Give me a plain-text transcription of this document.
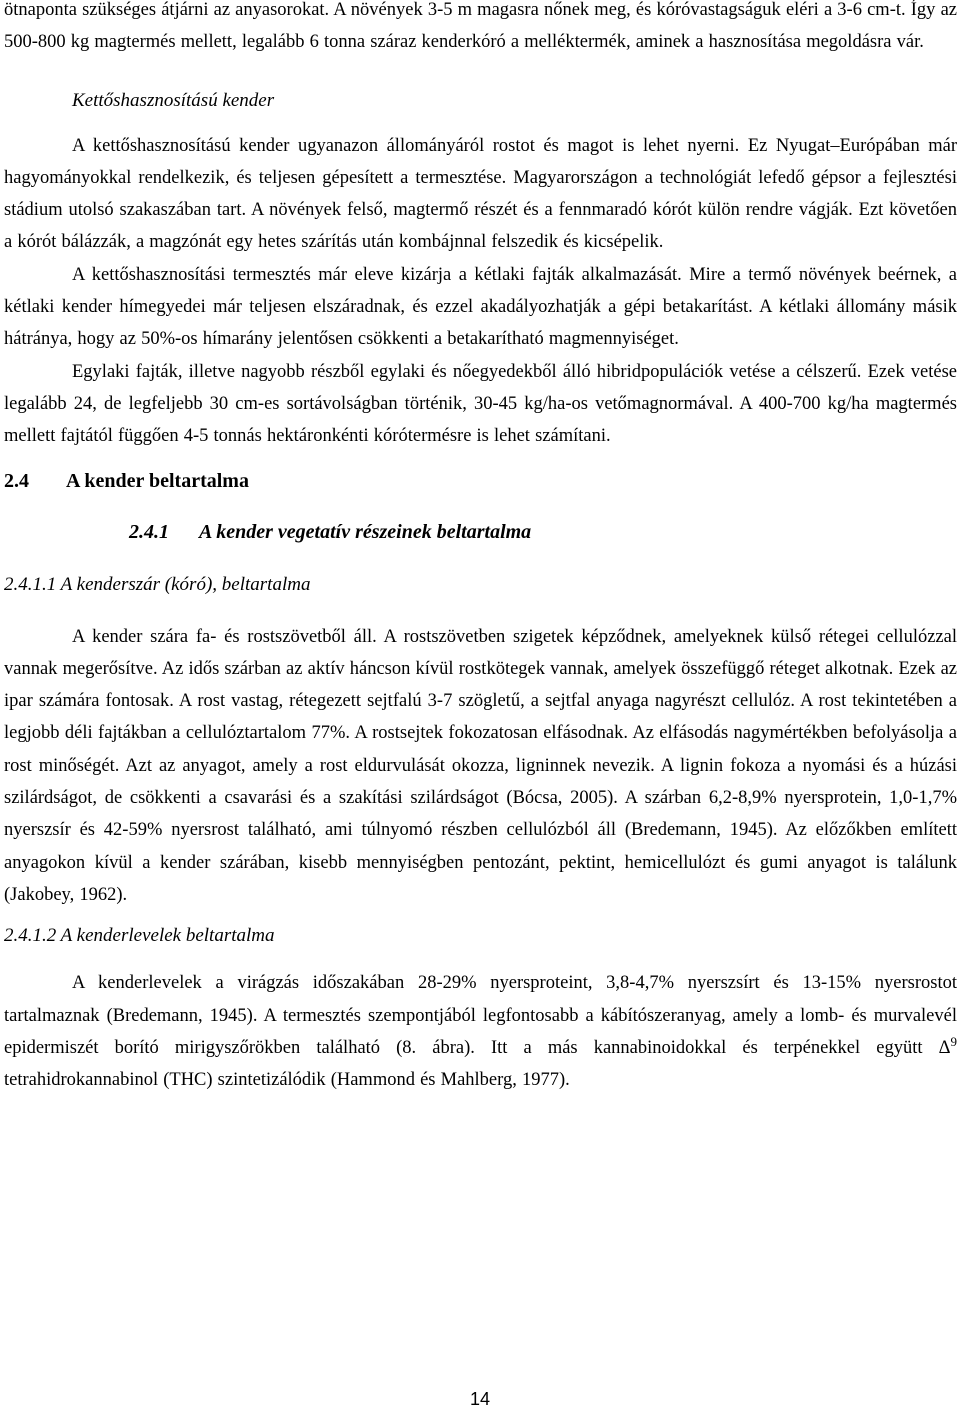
ötnaponta szükséges átjárni az anyasorokat. A növények 3-5 m magasra nőnek meg, és kóróvastagságuk eléri a 3-6 cm-t. Így az 500-800 kg magtermés mellett, legalább 6 tonna száraz kenderkóró a melléktermék, aminek a hasznosítása megoldásra vár.

Kettőshasznosítású kender

A kettőshasznosítású kender ugyanazon állományáról rostot és magot is lehet nyerni. Ez Nyugat–Európában már hagyományokkal rendelkezik, és teljesen gépesített a termesztése. Magyarországon a technológiát lefedő gépsor a fejlesztési stádium utolsó szakaszában tart. A növények felső, magtermő részét és a fennmaradó kórót külön rendre vágják. Ezt követően a kórót bálázzák, a magzónát egy hetes szárítás után kombájnnal felszedik és kicsépelik.

A kettőshasznosítási termesztés már eleve kizárja a kétlaki fajták alkalmazását. Mire a termő növények beérnek, a kétlaki kender hímegyedei már teljesen elszáradnak, és ezzel akadályozhatják a gépi betakarítást. A kétlaki állomány másik hátránya, hogy az 50%-os hímarány jelentősen csökkenti a betakarítható magmennyiséget.

Egylaki fajták, illetve nagyobb részből egylaki és nőegyedekből álló hibridpopulációk vetése a célszerű. Ezek vetése legalább 24, de legfeljebb 30 cm-es sortávolságban történik, 30-45 kg/ha-os vetőmagnormával. A 400-700 kg/ha magtermés mellett fajtától függően 4-5 tonnás hektáronkénti kórótermésre is lehet számítani.

2.4 A kender beltartalma
2.4.1 A kender vegetatív részeinek beltartalma
2.4.1.1 A kenderszár (kóró), beltartalma

A kender szára fa- és rostszövetből áll. A rostszövetben szigetek képződnek, amelyeknek külső rétegei cellulózzal vannak megerősítve. Az idős szárban az aktív háncson kívül rostkötegek vannak, amelyek összefüggő réteget alkotnak. Ezek az ipar számára fontosak. A rost vastag, rétegezett sejtfalú 3-7 szögletű, a sejtfal anyaga nagyrészt cellulóz. A rost tekintetében a legjobb déli fajtákban a cellulóztartalom 77%. A rostsejtek fokozatosan elfásodnak. Az elfásodás nagymértékben befolyásolja a rost minőségét. Azt az anyagot, amely a rost eldurvulását okozza, ligninnek nevezik. A lignin fokoza a nyomási és a húzási szilárdságot, de csökkenti a csavarási és a szakítási szilárdságot (Bócsa, 2005). A szárban 6,2-8,9% nyersprotein, 1,0-1,7% nyerszsír és 42-59% nyersrost található, ami túlnyomó részben cellulózból áll (Bredemann, 1945). Az előzőkben említett anyagokon kívül a kender szárában, kisebb mennyiségben pentozánt, pektint, hemicellulózt és gumi anyagot is találunk (Jakobey, 1962).

2.4.1.2 A kenderlevelek beltartalma

A kenderlevelek a virágzás időszakában 28-29% nyersproteint, 3,8-4,7% nyerszsírt és 13-15% nyersrostot tartalmaznak (Bredemann, 1945). A termesztés szempontjából legfontosabb a kábítószeranyag, amely a lomb- és murvalevél epidermiszét borító mirigyszőrökben található (8. ábra). Itt a más kannabinoidokkal és terpénekkel együtt $\Delta^9$ tetrahidrokannabinol (THC) szintetizálódik (Hammond és Mahlberg, 1977).

14
